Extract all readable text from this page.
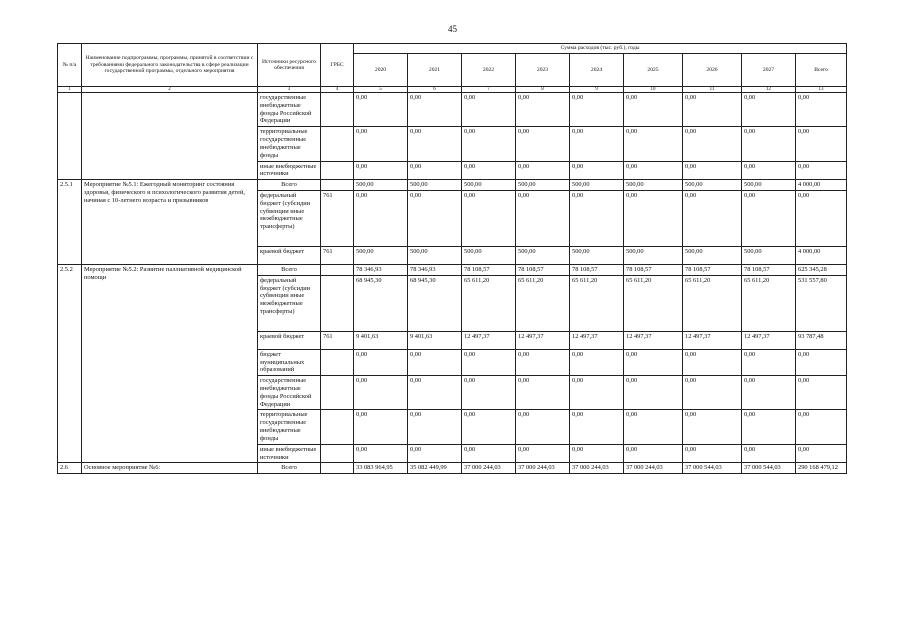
45
№ п/а	Наименование подпрограммы, программы, принятой в соответствии с требованиями федерального законодательства в сфере реализации государственной программы, отдельного мероприятия	Источники ресурсного обеспечения	ГРБС	Сумма расходов (тыс. руб.), годы								
				2020	2021	2022	2023	2024	2025	2026	2027	Всего
1	2	3	4	5	6	7	8	9	10	11	12	13
		государственные внебюджетные фонды Российской Федерации		0,00	0,00	0,00	0,00	0,00	0,00	0,00	0,00	0,00
		территориальные государственные внебюджетные фонды		0,00	0,00	0,00	0,00	0,00	0,00	0,00	0,00	0,00
		иные внебюджетные источники		0,00	0,00	0,00	0,00	0,00	0,00	0,00	0,00	0,00
2.5.1	Мероприятие №5.1: Ежегодный мониторинг состояния здоровья, физического и психологического развития детей, начиная с 10-летнего возраста и призывников	Всего		500,00	500,00	500,00	500,00	500,00	500,00	500,00	500,00	4 000,00
		федеральный бюджет (субсидии субвенции иные межбюджетные трансферты)	761	0,00	0,00	0,00	0,00	0,00	0,00	0,00	0,00	0,00
		краевой бюджет	761	500,00	500,00	500,00	500,00	500,00	500,00	500,00	500,00	4 000,00
2.5.2	Мероприятие №5.2: Развитие паллиативной медицинской помощи	Всего		78 346,93	78 346,93	78 108,57	78 108,57	78 108,57	78 108,57	78 108,57	78 108,57	625 345,28
		федеральный бюджет (субсидии субвенции иные межбюджетные трансферты)		68 945,30	68 945,30	65 611,20	65 611,20	65 611,20	65 611,20	65 611,20	65 611,20	531 557,80
		краевой бюджет	761	9 401,63	9 401,63	12 497,37	12 497,37	12 497,37	12 497,37	12 497,37	12 497,37	93 787,48
		бюджет муниципальных образований		0,00	0,00	0,00	0,00	0,00	0,00	0,00	0,00	0,00
		государственные внебюджетные фонды Российской Федерации		0,00	0,00	0,00	0,00	0,00	0,00	0,00	0,00	0,00
		территориальные государственные внебюджетные фонды		0,00	0,00	0,00	0,00	0,00	0,00	0,00	0,00	0,00
		иные внебюджетные источники		0,00	0,00	0,00	0,00	0,00	0,00	0,00	0,00	0,00
2.6	Основное мероприятие №6:	Всего		33 083 964,95	35 082 449,99	37 000 244,03	37 000 244,03	37 000 244,03	37 000 244,03	37 000 544,03	37 000 544,03	290 168 479,12
